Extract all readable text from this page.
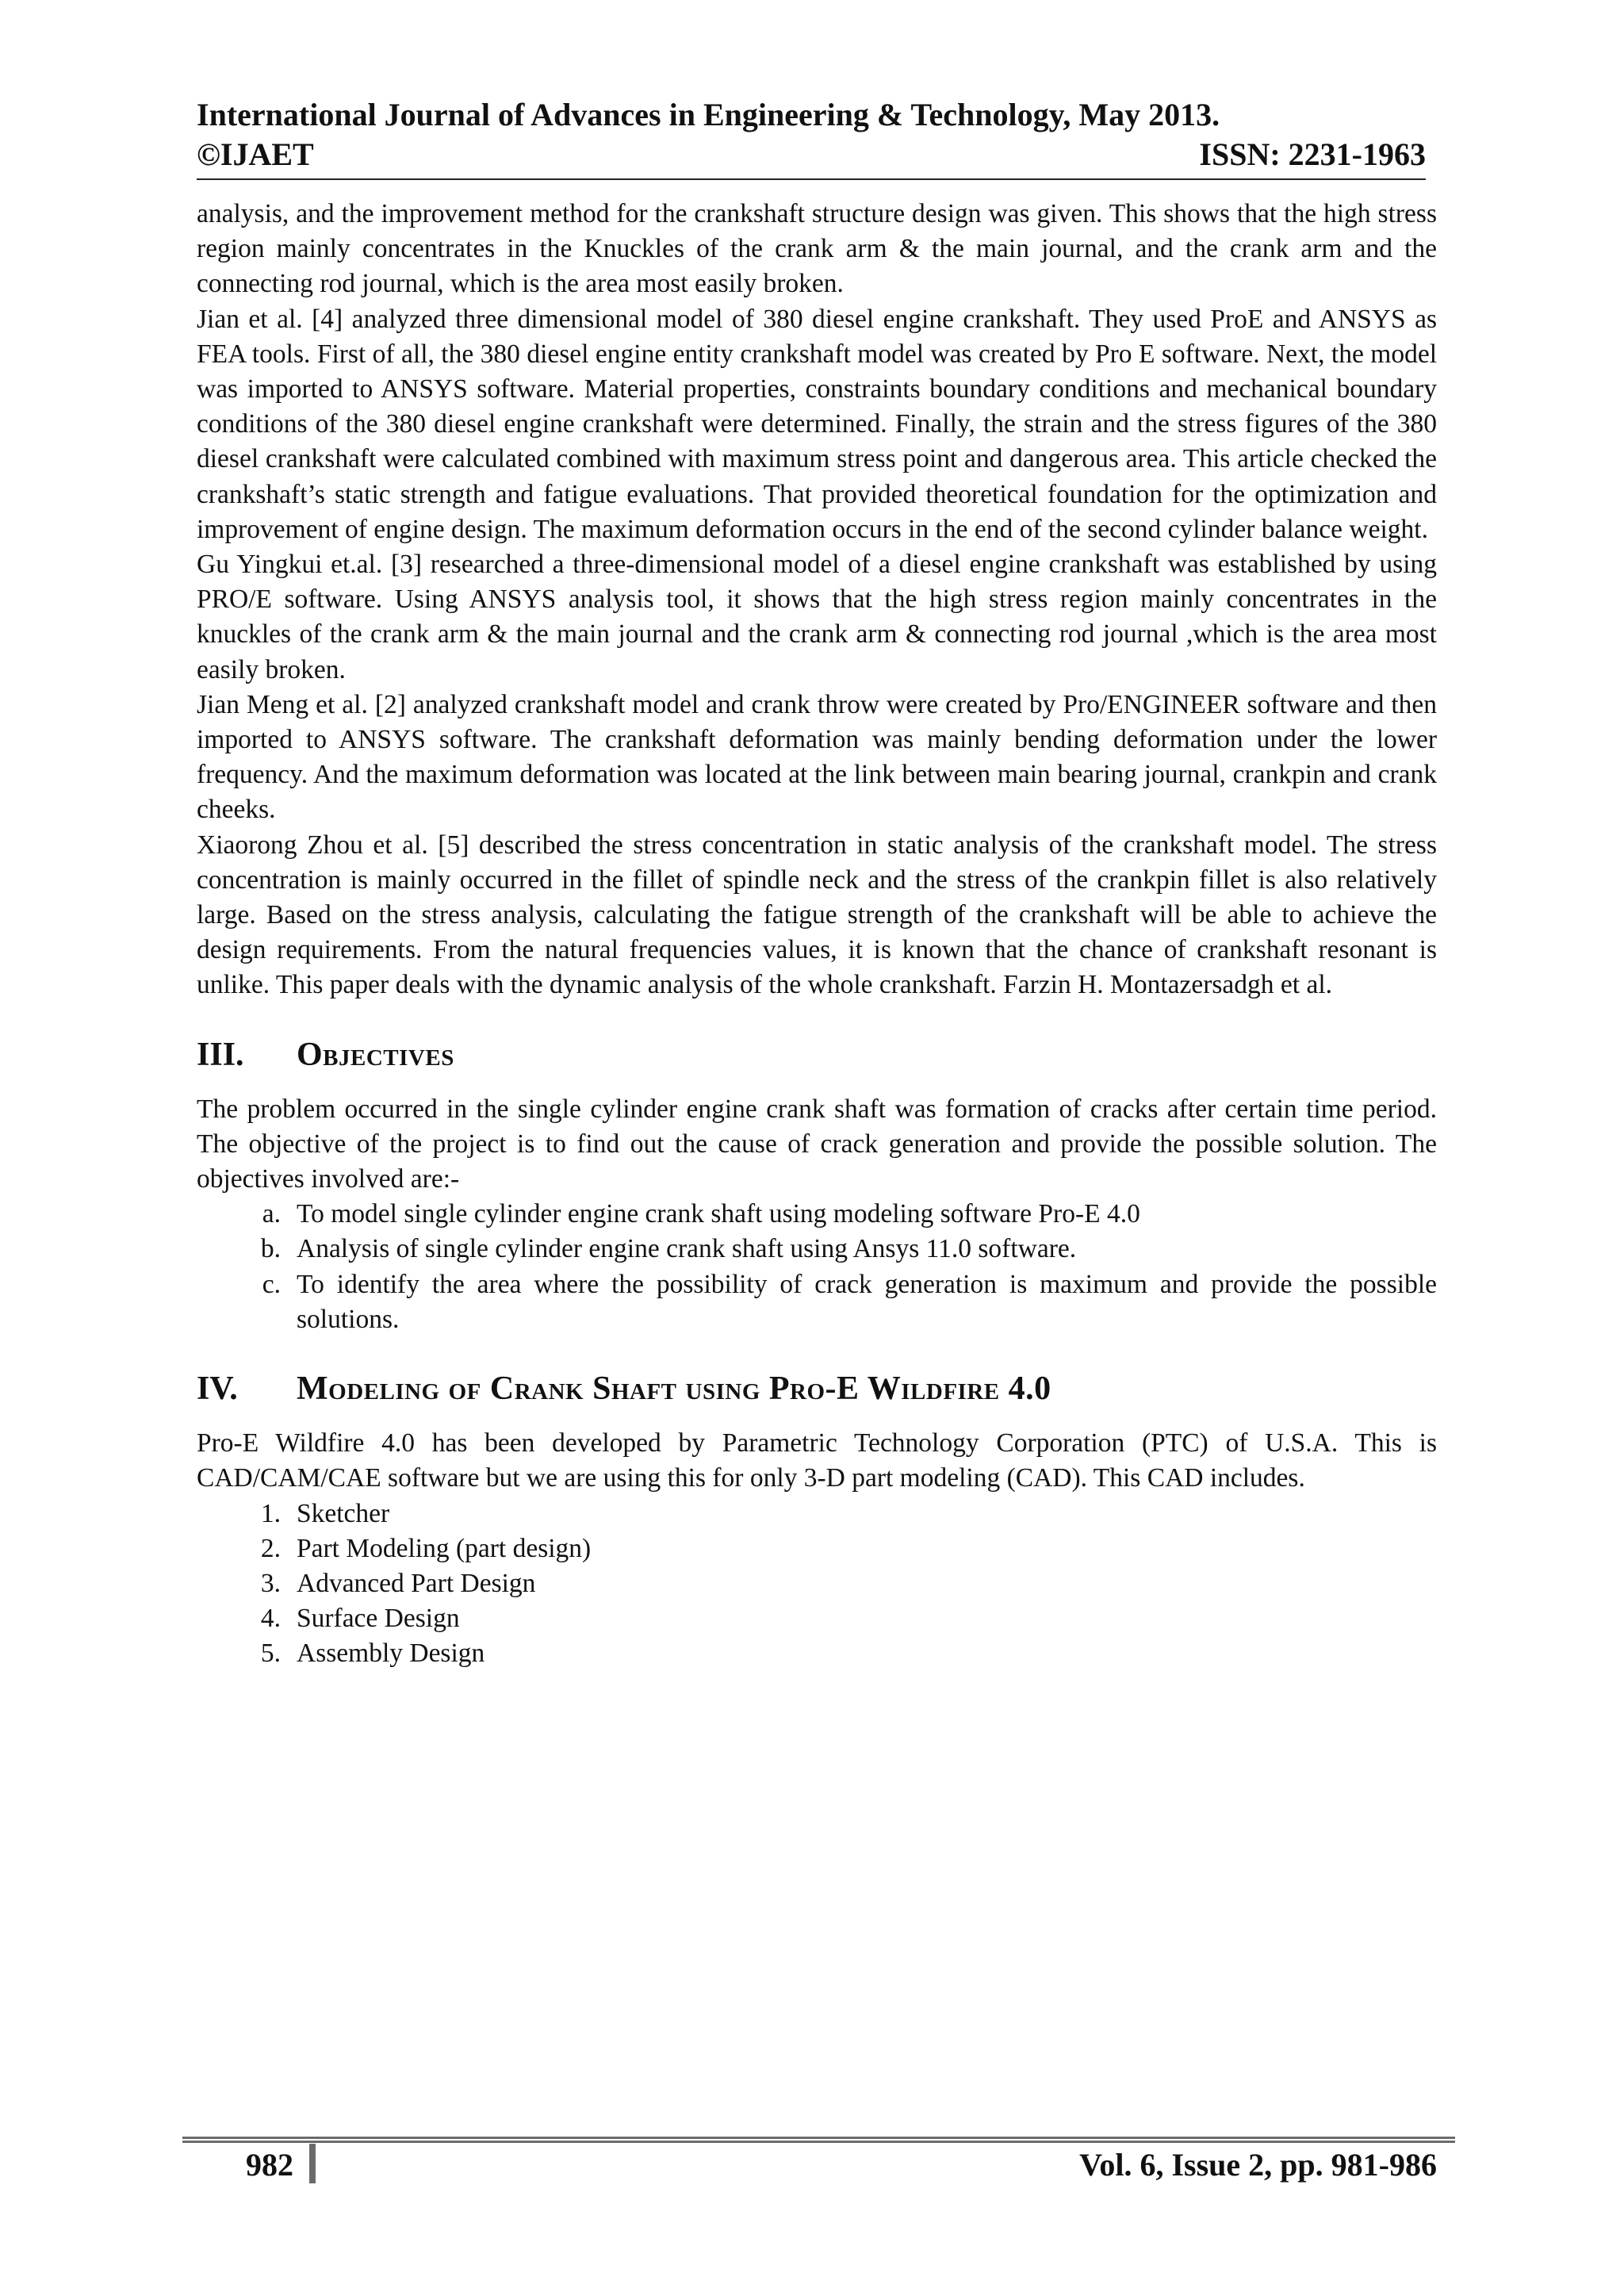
International Journal of Advances in Engineering & Technology, May 2013.
©IJAET	ISSN: 2231-1963

analysis, and the improvement method for the crankshaft structure design was given. This shows that the high stress region mainly concentrates in the Knuckles of the crank arm & the main journal, and the crank arm and the connecting rod journal, which is the area most easily broken.

Jian et al. [4] analyzed three dimensional model of 380 diesel engine crankshaft. They used ProE and ANSYS as FEA tools. First of all, the 380 diesel engine entity crankshaft model was created by Pro E software. Next, the model was imported to ANSYS software. Material properties, constraints boundary conditions and mechanical boundary conditions of the 380 diesel engine crankshaft were determined. Finally, the strain and the stress figures of the 380 diesel crankshaft were calculated combined with maximum stress point and dangerous area. This article checked the crankshaft’s static strength and fatigue evaluations. That provided theoretical foundation for the optimization and improvement of engine design. The maximum deformation occurs in the end of the second cylinder balance weight.

Gu Yingkui et.al. [3] researched a three-dimensional model of a diesel engine crankshaft was established by using PRO/E software. Using ANSYS analysis tool, it shows that the high stress region mainly concentrates in the knuckles of the crank arm & the main journal and the crank arm & connecting rod journal ,which is the area most easily broken.

Jian Meng et al. [2] analyzed crankshaft model and crank throw were created by Pro/ENGINEER software and then imported to ANSYS software. The crankshaft deformation was mainly bending deformation under the lower frequency. And the maximum deformation was located at the link between main bearing journal, crankpin and crank cheeks.

Xiaorong Zhou et al. [5] described the stress concentration in static analysis of the crankshaft model. The stress concentration is mainly occurred in the fillet of spindle neck and the stress of the crankpin fillet is also relatively large. Based on the stress analysis, calculating the fatigue strength of the crankshaft will be able to achieve the design requirements. From the natural frequencies values, it is known that the chance of crankshaft resonant is unlike. This paper deals with the dynamic analysis of the whole crankshaft. Farzin H. Montazersadgh et al.

III.	Objectives

The problem occurred in the single cylinder engine crank shaft was formation of cracks after certain time period. The objective of the project is to find out the cause of crack generation and provide the possible solution. The objectives involved are:-

a. To model single cylinder engine crank shaft using modeling software Pro-E 4.0
b. Analysis of single cylinder engine crank shaft using Ansys 11.0 software.
c. To identify the area where the possibility of crack generation is maximum and provide the possible solutions.
IV.	Modeling of Crank Shaft using Pro-E Wildfire 4.0

Pro-E Wildfire 4.0 has been developed by Parametric Technology Corporation (PTC) of U.S.A. This is CAD/CAM/CAE software but we are using this for only 3-D part modeling (CAD). This CAD includes.

1. Sketcher
2. Part Modeling (part design)
3. Advanced Part Design
4. Surface Design
5. Assembly Design
982	Vol. 6, Issue 2, pp. 981-986
